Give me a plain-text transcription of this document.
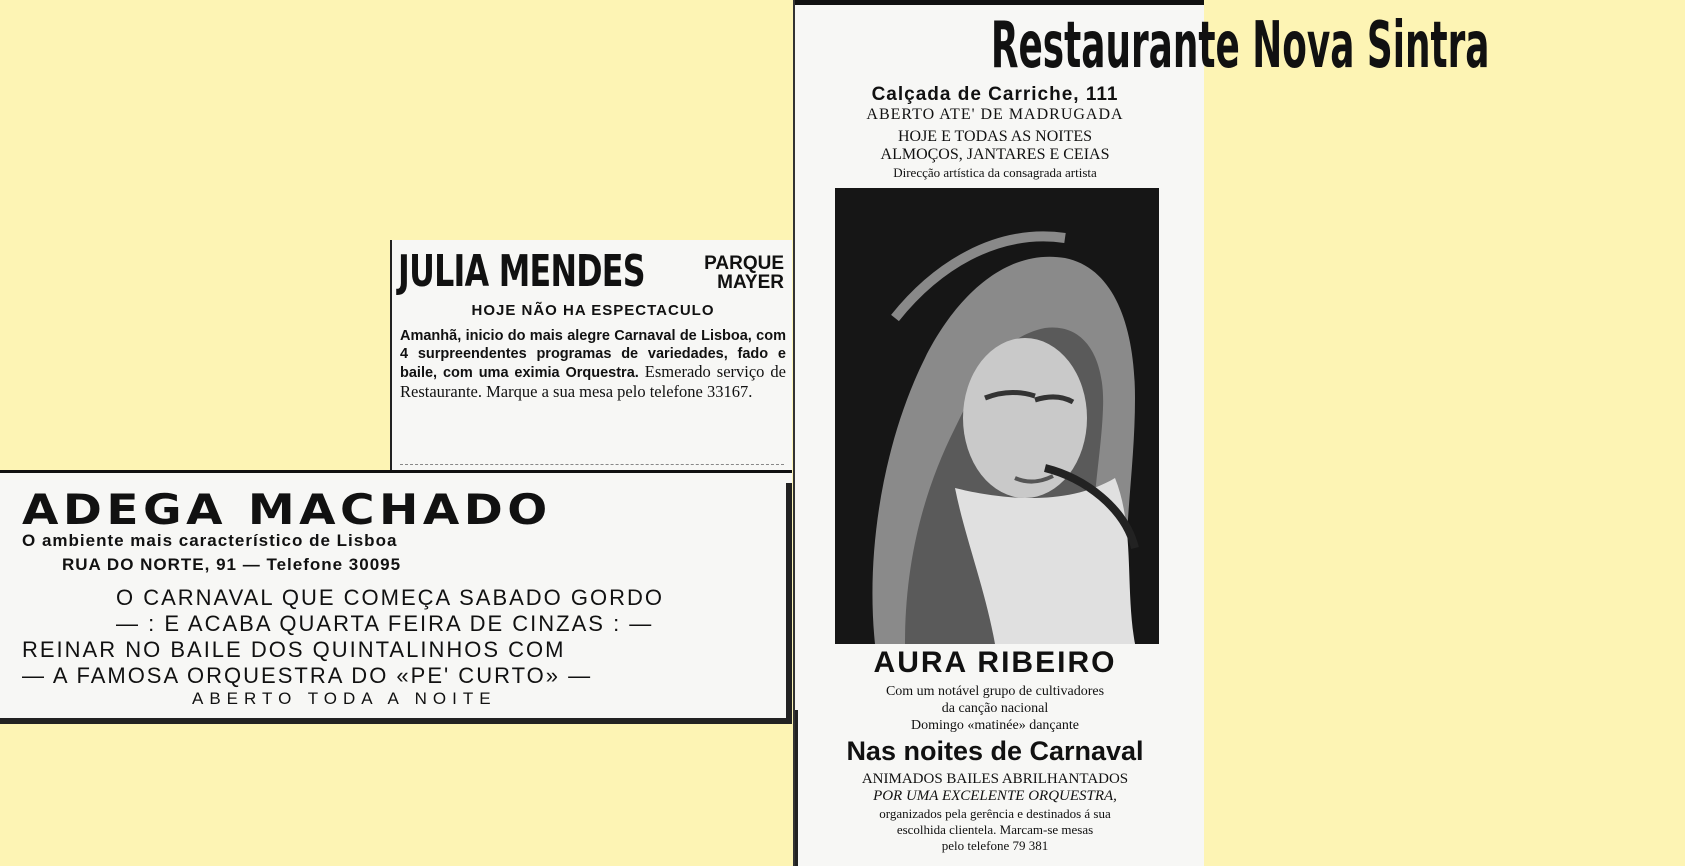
JULIA MENDES	PARQUE
MAYER
HOJE NÃO HA ESPECTACULO
Amanhã, inicio do mais alegre Carnaval de Lisboa, com 4 surpreendentes programas de variedades, fado e baile, com uma eximia Orquestra. Esmerado serviço de Restaurante. Marque a sua mesa pelo telefone 33167.
ADEGA MACHADO
O ambiente mais característico de Lisboa
RUA DO NORTE, 91 — Telefone 30095
O CARNAVAL QUE COMEÇA SABADO GORDO
— : E ACABA QUARTA FEIRA DE CINZAS : —
REINAR NO BAILE DOS QUINTALINHOS COM
— A FAMOSA ORQUESTRA DO «PE' CURTO» —
ABERTO TODA A NOITE
Restaurante Nova Sintra
Calçada de Carriche, 111
ABERTO ATE' DE MADRUGADA
HOJE E TODAS AS NOITES
ALMOÇOS, JANTARES E CEIAS
Direcção artística da consagrada artista
AURA RIBEIRO
Com um notável grupo de cultivadores
da canção nacional
Domingo «matinée» dançante
Nas noites de Carnaval
ANIMADOS BAILES ABRILHANTADOS
POR UMA EXCELENTE ORQUESTRA,
organizados pela gerência e destinados á sua
escolhida clientela. Marcam-se mesas
pelo telefone 79 381
